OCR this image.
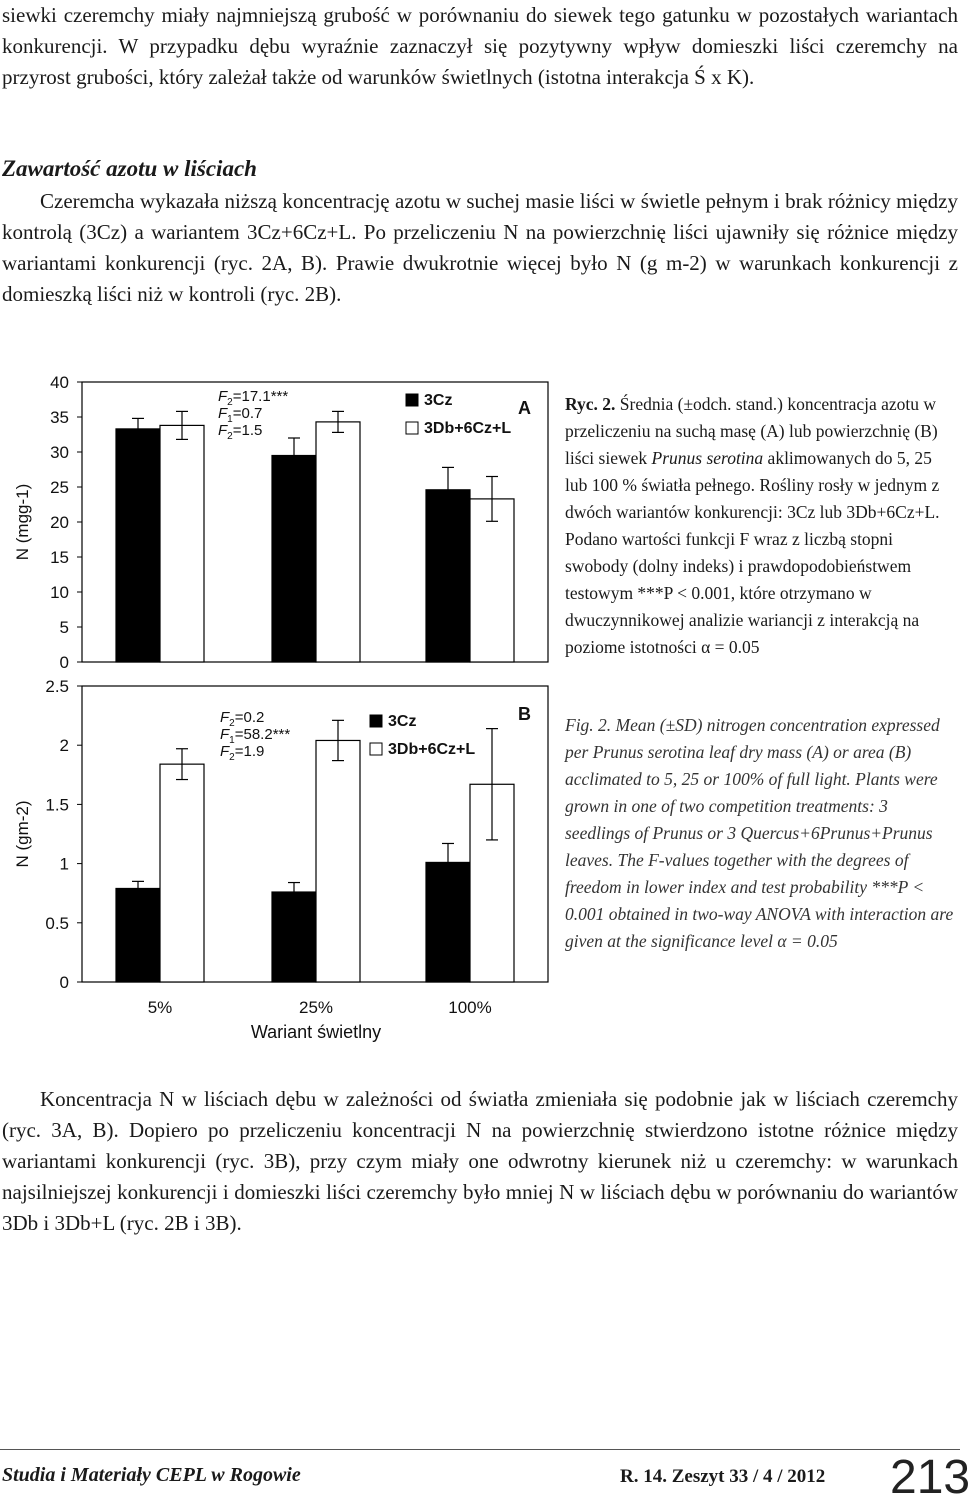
siewki czeremchy miały najmniejszą grubość w porównaniu do siewek tego gatunku w pozostałych wariantach konkurencji. W przypadku dębu wyraźnie zaznaczył się pozytywny wpływ domieszki liści czeremchy na przyrost grubości, który zależał także od warunków świetlnych (istotna interakcja Ś x K).

Zawartość azotu w liściach

Czeremcha wykazała niższą koncentrację azotu w suchej masie liści w świetle pełnym i brak różnicy między kontrolą (3Cz) a wariantem 3Cz+6Cz+L. Po przeliczeniu N na powierzchnię liści ujawniły się różnice między wariantami konkurencji (ryc. 2A, B). Prawie dwukrotnie więcej było N (g m-2) w warunkach konkurencji z domieszką liści niż w kontroli (ryc. 2B).

0
5
10
15
20
25
30
35
40
N (mgg-1)
$F_2=17.1***$
$F_1=0.7$
$F_2=1.5$
3Cz
3Db+6Cz+L
A
0
0.5
1
1.5
2
2.5
N (gm-2)
$F_2=0.2$
$F_1=58.2***$
$F_2=1.9$
3Cz
3Db+6Cz+L
B
5%	25%	100%
Wariant świetlny

Ryc. 2. Średnia (±odch. stand.) koncentracja azotu w przeliczeniu na suchą masę (A) lub powierzchnię (B) liści siewek Prunus serotina aklimowanych do 5, 25 lub 100 % światła pełnego. Rośliny rosły w jednym z dwóch wariantów konkurencji: 3Cz lub 3Db+6Cz+L. Podano wartości funkcji F wraz z liczbą stopni swobody (dolny indeks) i prawdopodobieństwem testowym ***P < 0.001, które otrzymano w dwuczynnikowej analizie wariancji z interakcją na poziome istotności α = 0.05

Fig. 2. Mean (±SD) nitrogen concentration expressed per Prunus serotina leaf dry mass (A) or area (B) acclimated to 5, 25 or 100% of full light. Plants were grown in one of two competition treatments: 3 seedlings of Prunus or 3 Quercus+6Prunus+Prunus leaves. The F-values together with the degrees of freedom in lower index and test probability ***P < 0.001 obtained in two-way ANOVA with interaction are given at the significance level α = 0.05

Koncentracja N w liściach dębu w zależności od światła zmieniała się podobnie jak w liściach czeremchy (ryc. 3A, B). Dopiero po przeliczeniu koncentracji N na powierzchnię stwierdzono istotne różnice między wariantami konkurencji (ryc. 3B), przy czym miały one odwrotny kierunek niż u czeremchy: w warunkach najsilniejszej konkurencji i domieszki liści czeremchy było mniej N w liściach dębu w porównaniu do wariantów 3Db i 3Db+L (ryc. 2B i 3B).

Studia i Materiały CEPL w Rogowie	R. 14. Zeszyt 33 / 4 / 2012 213
